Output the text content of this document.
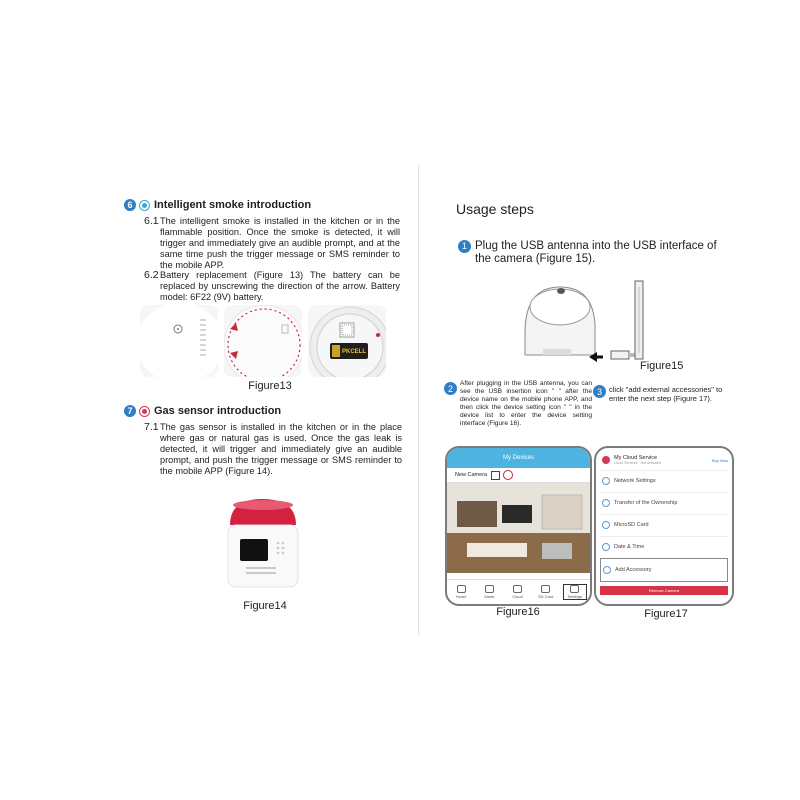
6	Intelligent smoke introduction
6.1 The intelligent smoke is installed in the kitchen or in the flammable position. Once the smoke is detected, it will trigger and immediately give an audible prompt, and at the same time push the trigger message or SMS reminder to the mobile APP.
6.2 Battery replacement (Figure 13) The battery can be replaced by unscrewing the direction of the arrow. Battery model: 6F22 (9V) battery.
PKCELL
Figure13
7	Gas sensor introduction
7.1 The gas sensor is installed in the kitchen or in the place where gas or natural gas is used. Once the gas leak is detected, it will trigger and immediately give an audible prompt, and push the trigger message or SMS reminder to the mobile APP (Figure 14).
Figure14
Usage steps
1 Plug the USB antenna into the USB interface of the camera (Figure 15).
Figure15
2	After plugging in the USB antenna, you can see the USB insertion icon " " after the device name on the mobile phone APP, and then click the device setting icon " " in the device list to enter the device setting interface (Figure 16).
3 click "add external accessories" to enter the next step (Figure 17).
My Devices
New Camera
Home	Alerts	Cloud	SD Card	Settings
Figure16
My Cloud Service
Cloud Services · Not activated
Buy Now
Network Settings
Transfer of the Ownership
MicroSD Card
Date & Time
Add Accessory
Remove Camera
Figure17
